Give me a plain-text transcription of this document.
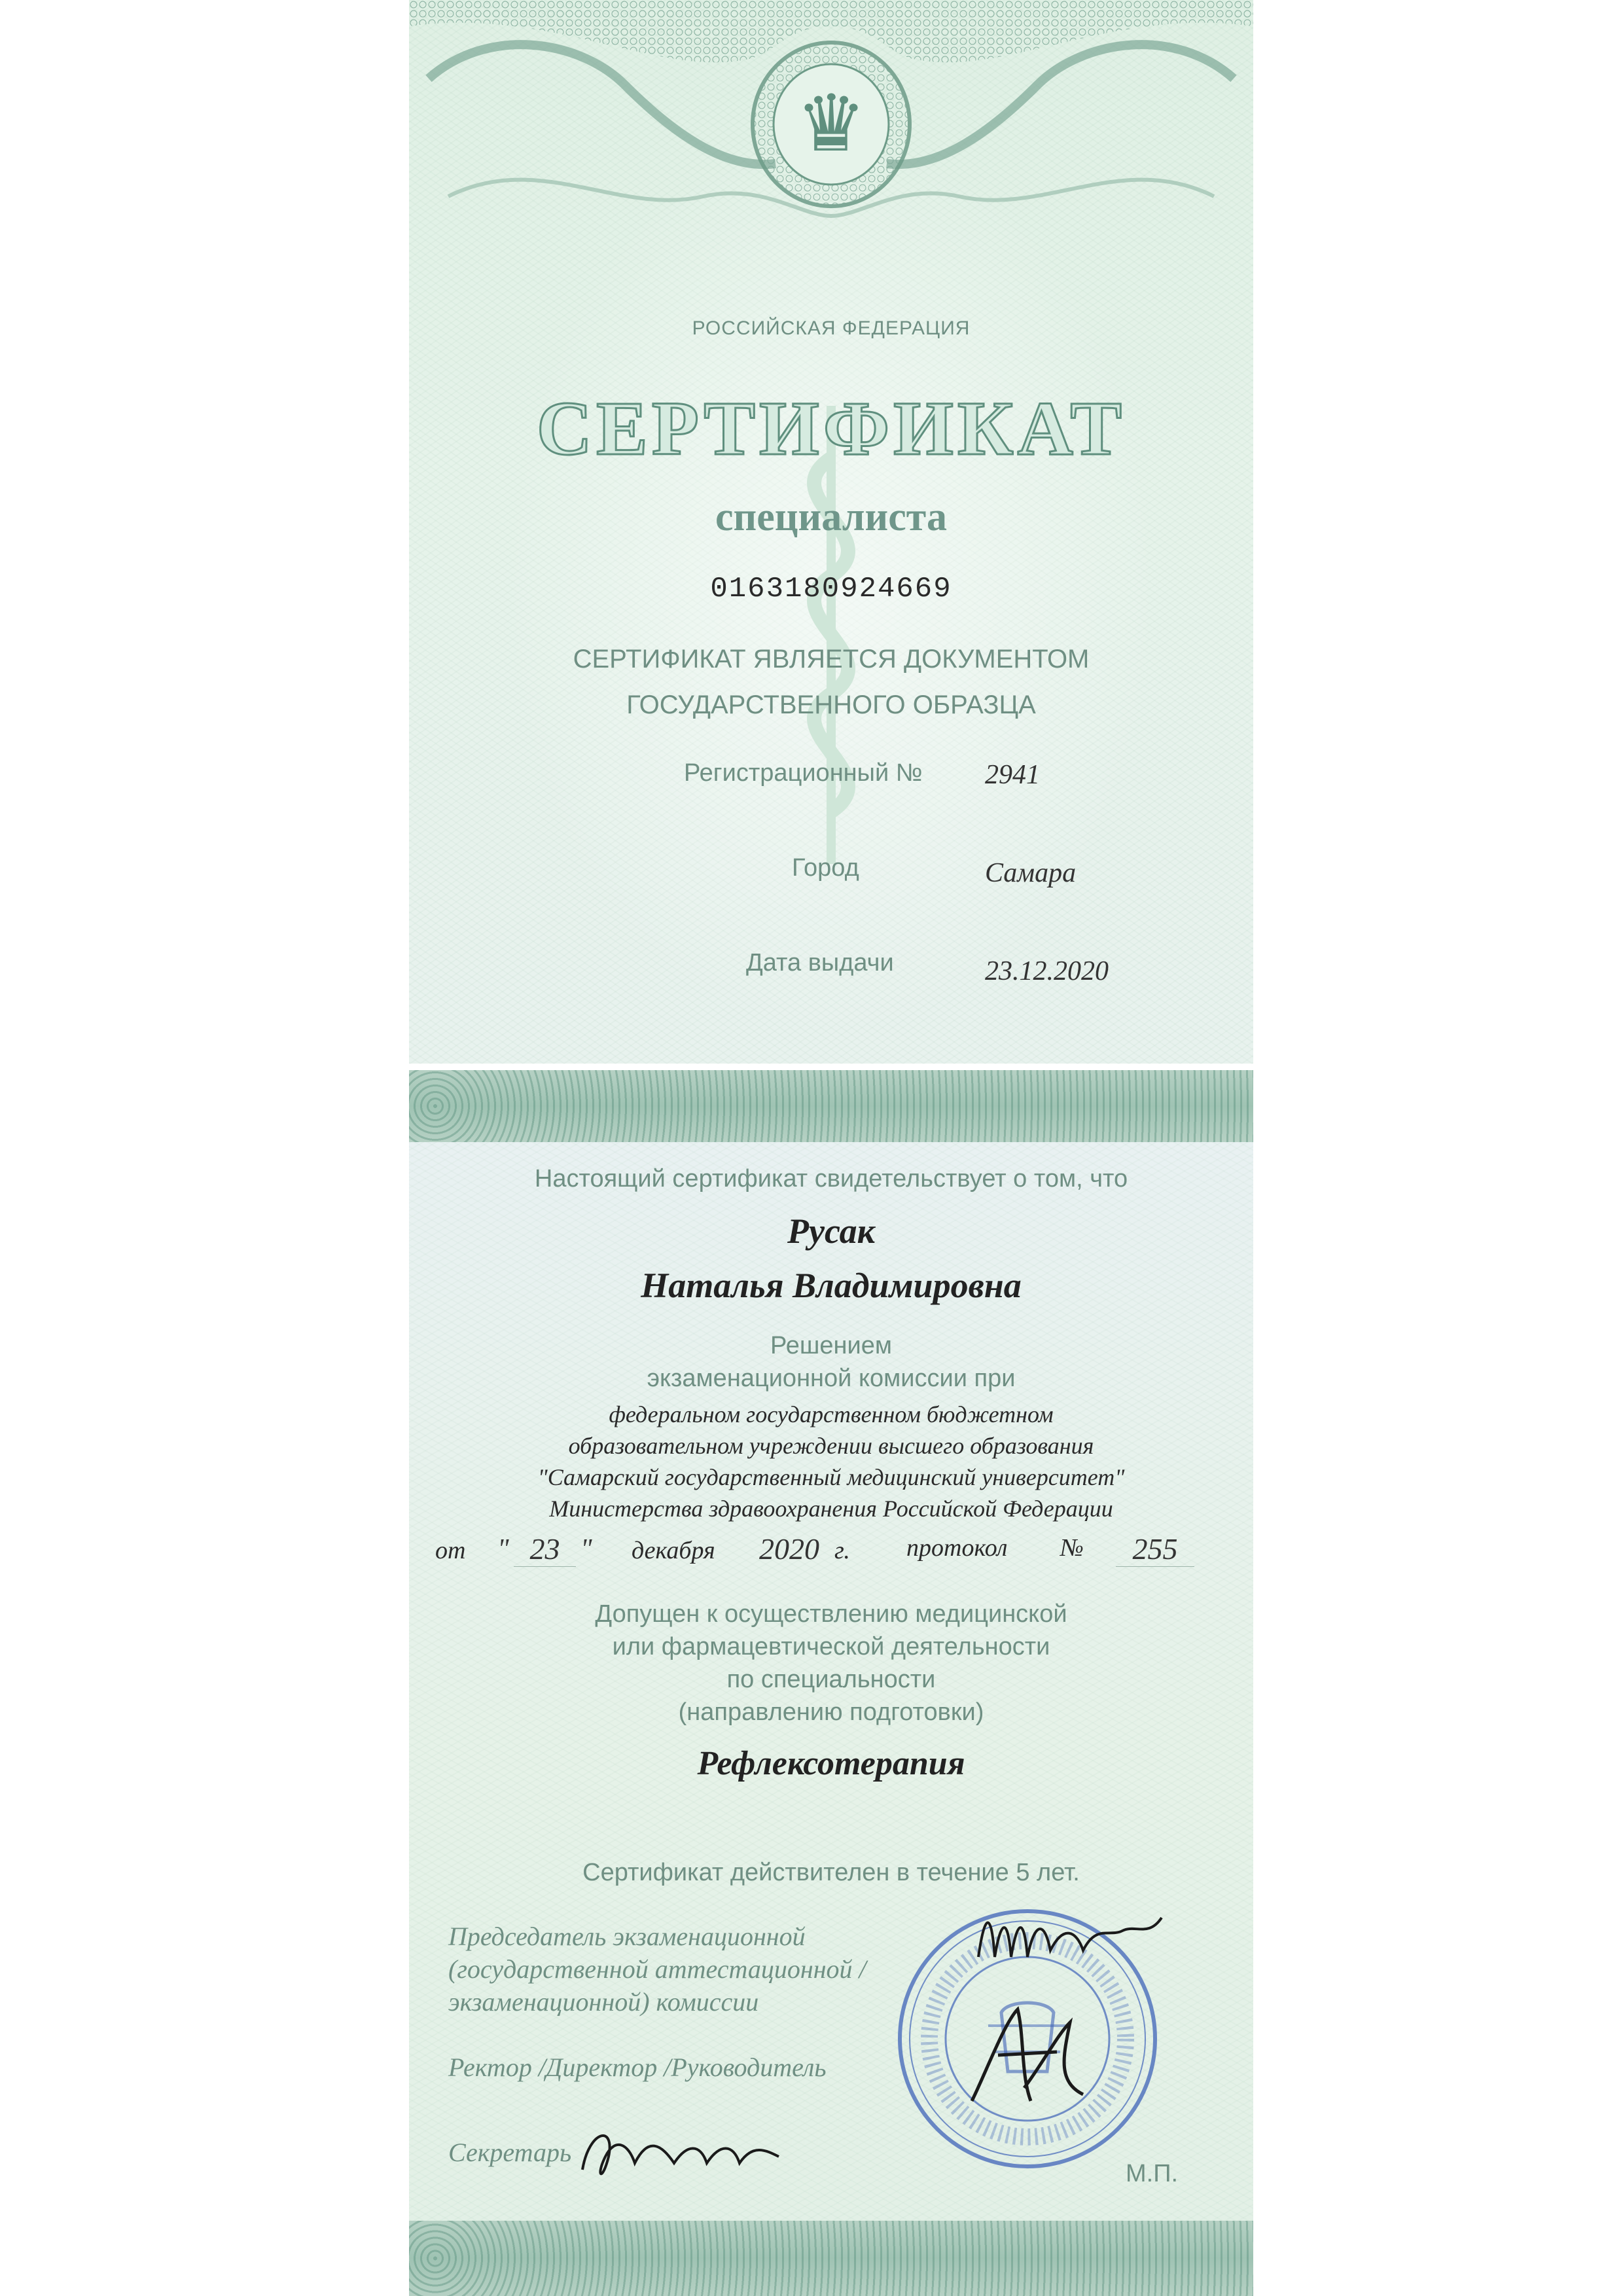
♛
РОССИЙСКАЯ ФЕДЕРАЦИЯ
СЕРТИФИКАТ
специалиста
0163180924669
СЕРТИФИКАТ ЯВЛЯЕТСЯ ДОКУМЕНТОМ
ГОСУДАРСТВЕННОГО ОБРАЗЦА
Регистрационный № 2941
Город	Самара
Дата выдачи	23.12.2020
Настоящий сертификат свидетельствует о том, что
Русак
Наталья Владимировна
Решением
экзаменационной комиссии при
федеральном государственном бюджетном
образовательном учреждении высшего образования
"Самарский государственный медицинский университет"
Министерства здравоохранения Российской Федерации
от " 23 " декабря 2020 г. протокол №	255
Допущен к осуществлению медицинской
или фармацевтической деятельности
по специальности
(направлению подготовки)
Рефлексотерапия
Сертификат действителен в течение 5 лет.
Председатель экзаменационной
(государственной аттестационной /
экзаменационной) комиссии
Ректор /Директор /Руководитель
Секретарь
М.П.
